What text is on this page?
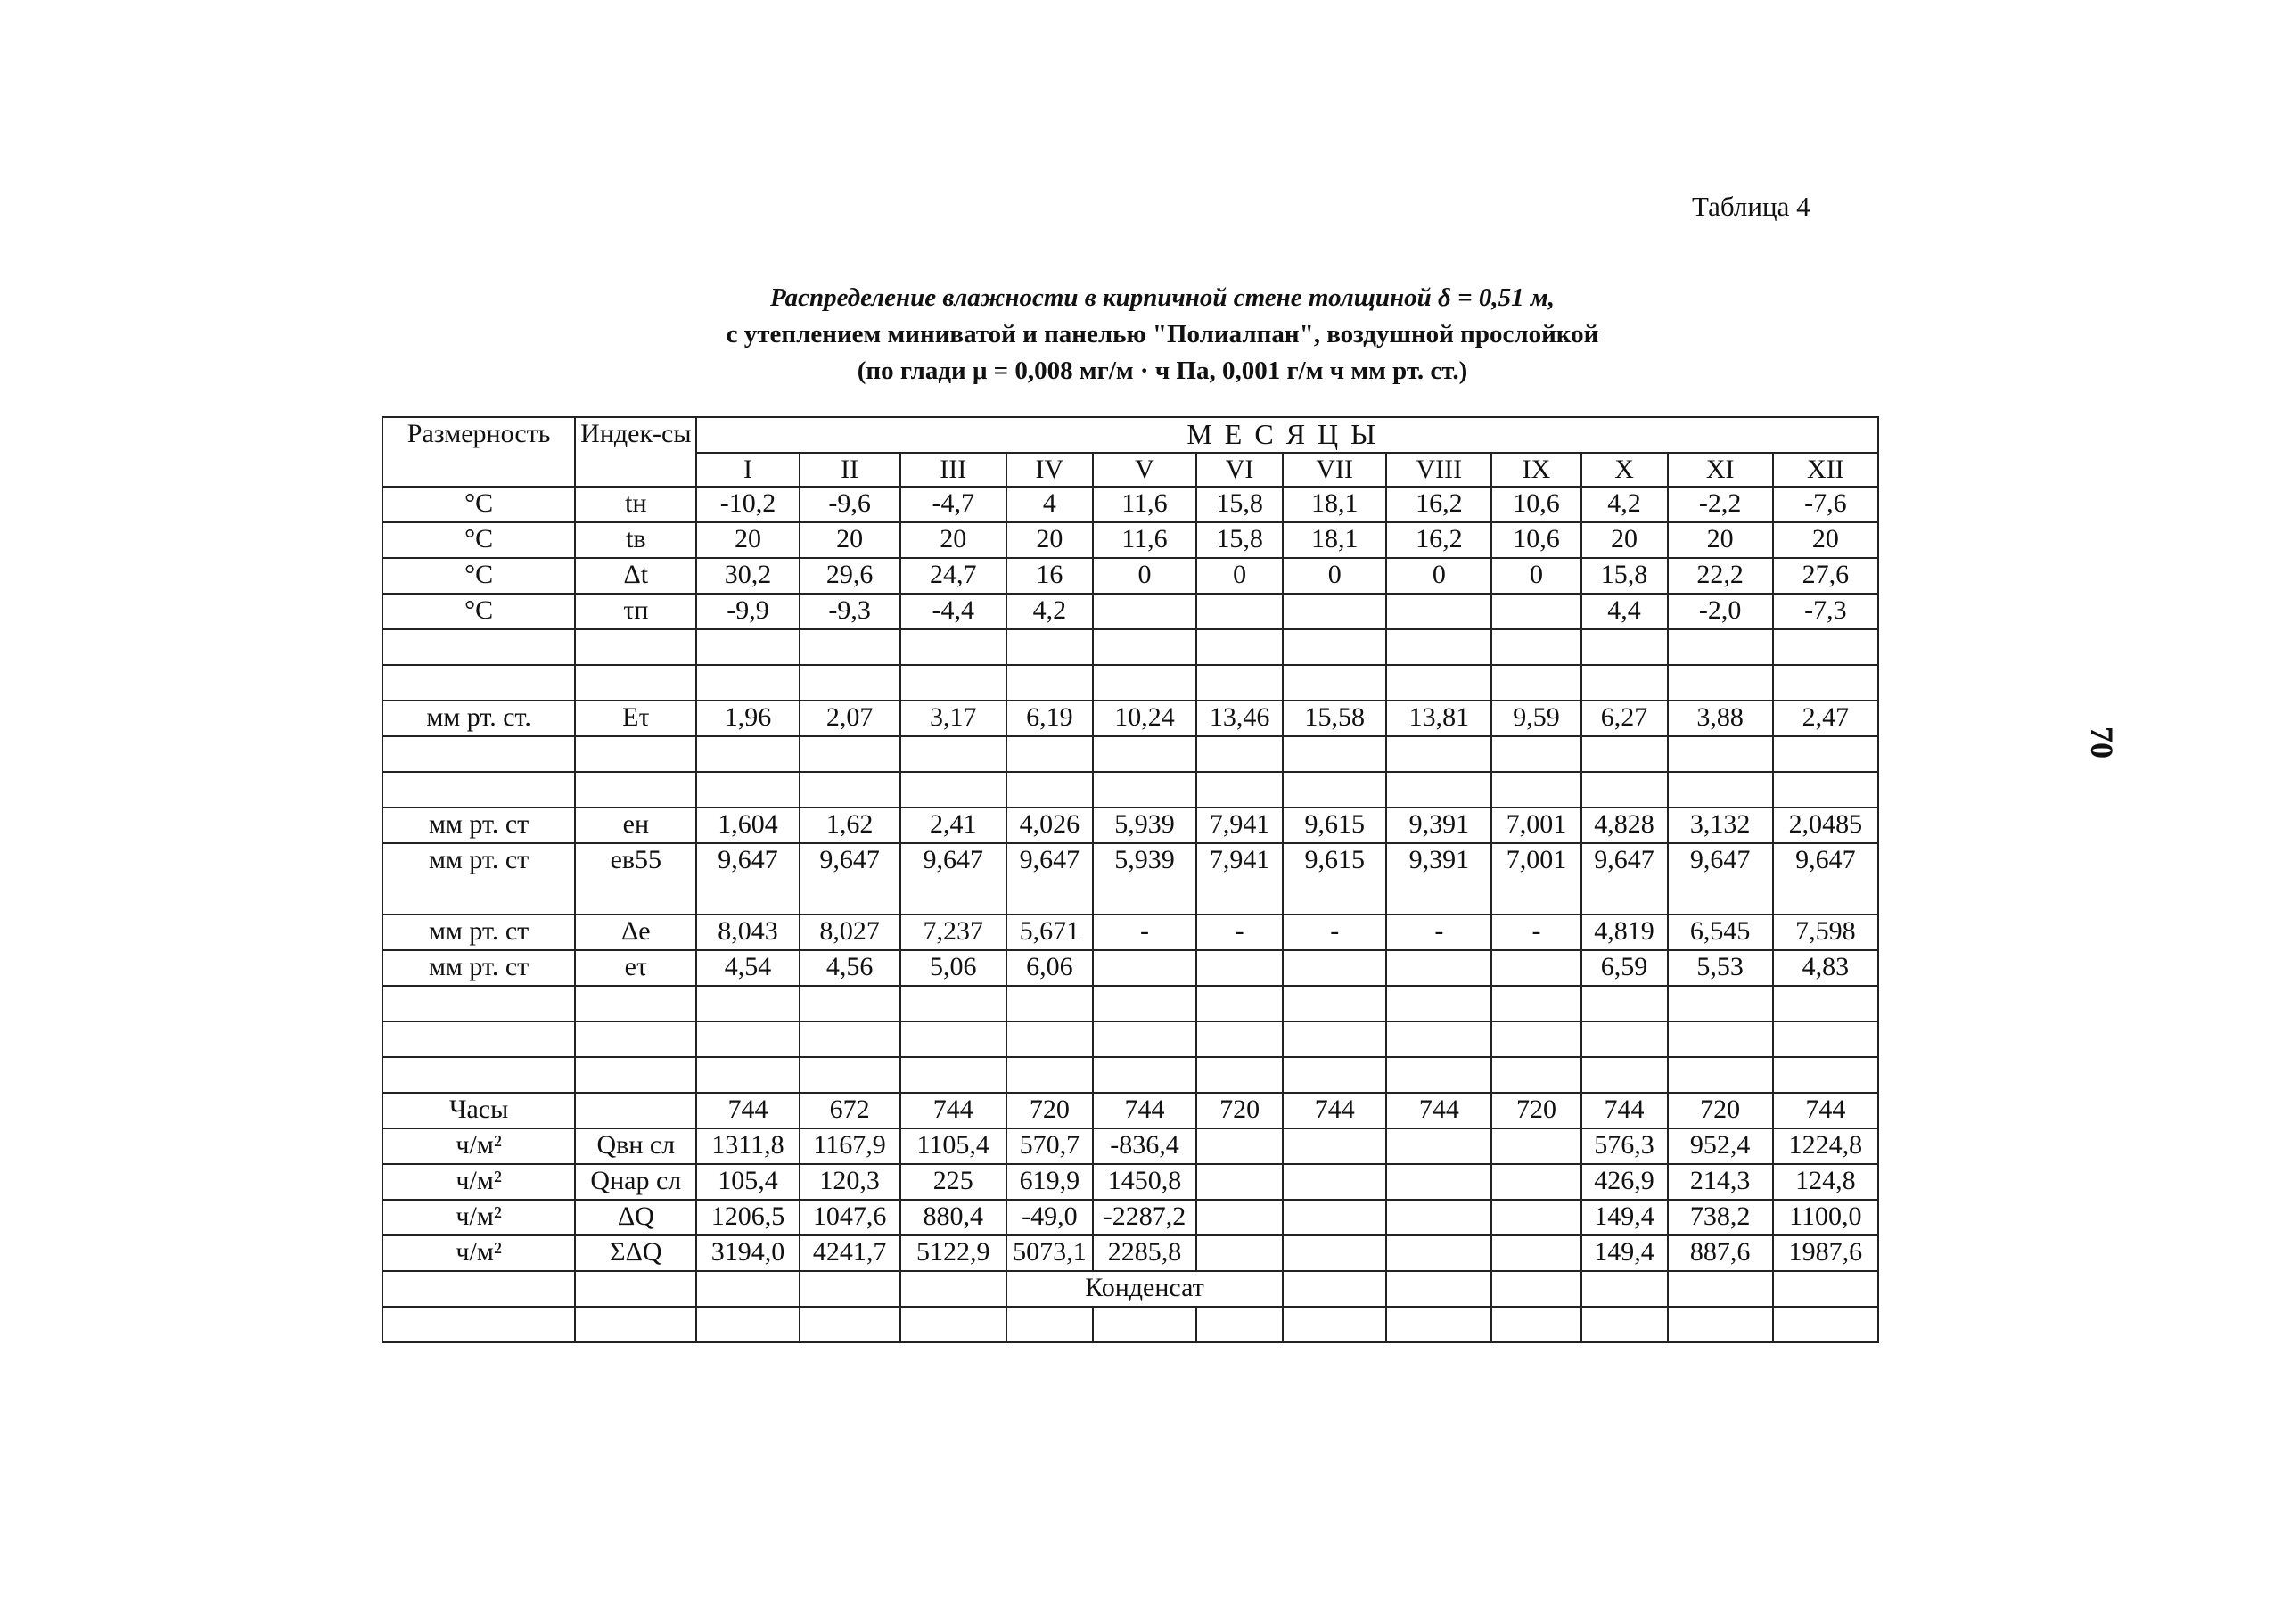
Таблица 4
Распределение влажности в кирпичной стене толщиной δ = 0,51 м,
с утеплением миниватой и панелью "Полиалпан", воздушной прослойкой
(по глади μ = 0,008 мг/м · ч Па, 0,001 г/м ч мм рт. ст.)
70
Размерность	Индек-сы	МЕСЯЦЫ											
		I	II	III	IV	V	VI	VII	VIII	IX	X	XI	XII
°C	tн	-10,2	-9,6	-4,7	4	11,6	15,8	18,1	16,2	10,6	4,2	-2,2	-7,6
°C	tв	20	20	20	20	11,6	15,8	18,1	16,2	10,6	20	20	20
°C	Δt	30,2	29,6	24,7	16	0	0	0	0	0	15,8	22,2	27,6
°C	τп	-9,9	-9,3	-4,4	4,2						4,4	-2,0	-7,3

мм рт. ст.	Eτ	1,96	2,07	3,17	6,19	10,24	13,46	15,58	13,81	9,59	6,27	3,88	2,47

мм рт. ст	eн	1,604	1,62	2,41	4,026	5,939	7,941	9,615	9,391	7,001	4,828	3,132	2,0485
мм рт. ст	eв55	9,647	9,647	9,647	9,647	5,939	7,941	9,615	9,391	7,001	9,647	9,647	9,647
мм рт. ст	Δe	8,043	8,027	7,237	5,671	-	-	-	-	-	4,819	6,545	7,598
мм рт. ст	eτ	4,54	4,56	5,06	6,06						6,59	5,53	4,83

Часы		744	672	744	720	744	720	744	744	720	744	720	744
ч/м²	Qвн сл	1311,8	1167,9	1105,4	570,7	-836,4					576,3	952,4	1224,8
ч/м²	Qнар сл	105,4	120,3	225	619,9	1450,8					426,9	214,3	124,8
ч/м²	ΔQ	1206,5	1047,6	880,4	-49,0	-2287,2					149,4	738,2	1100,0
ч/м²	ΣΔQ	3194,0	4241,7	5122,9	5073,1	2285,8					149,4	887,6	1987,6
					Конденсат								
